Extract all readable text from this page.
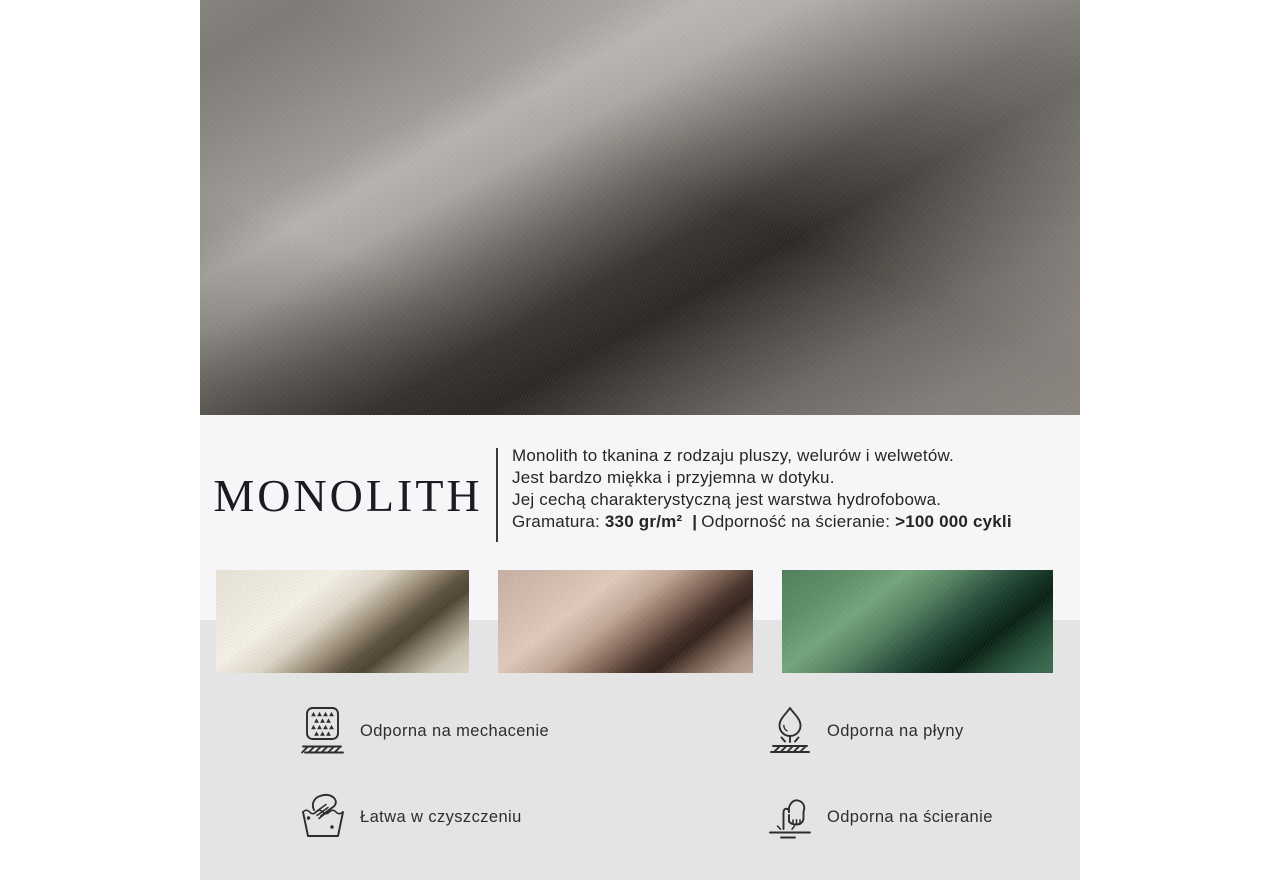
MONOLITH

Monolith to tkanina z rodzaju pluszy, welurów i welwetów.

Jest bardzo miękka i przyjemna w dotyku.

Jej cechą charakterystyczną jest warstwa hydrofobowa.

Gramatura: 330 gr/m² | Odporność na ścieranie: >100 000 cykli

Odporna na mechacenie	Odporna na płyny
Łatwa w czyszczeniu	Odporna na ścieranie
